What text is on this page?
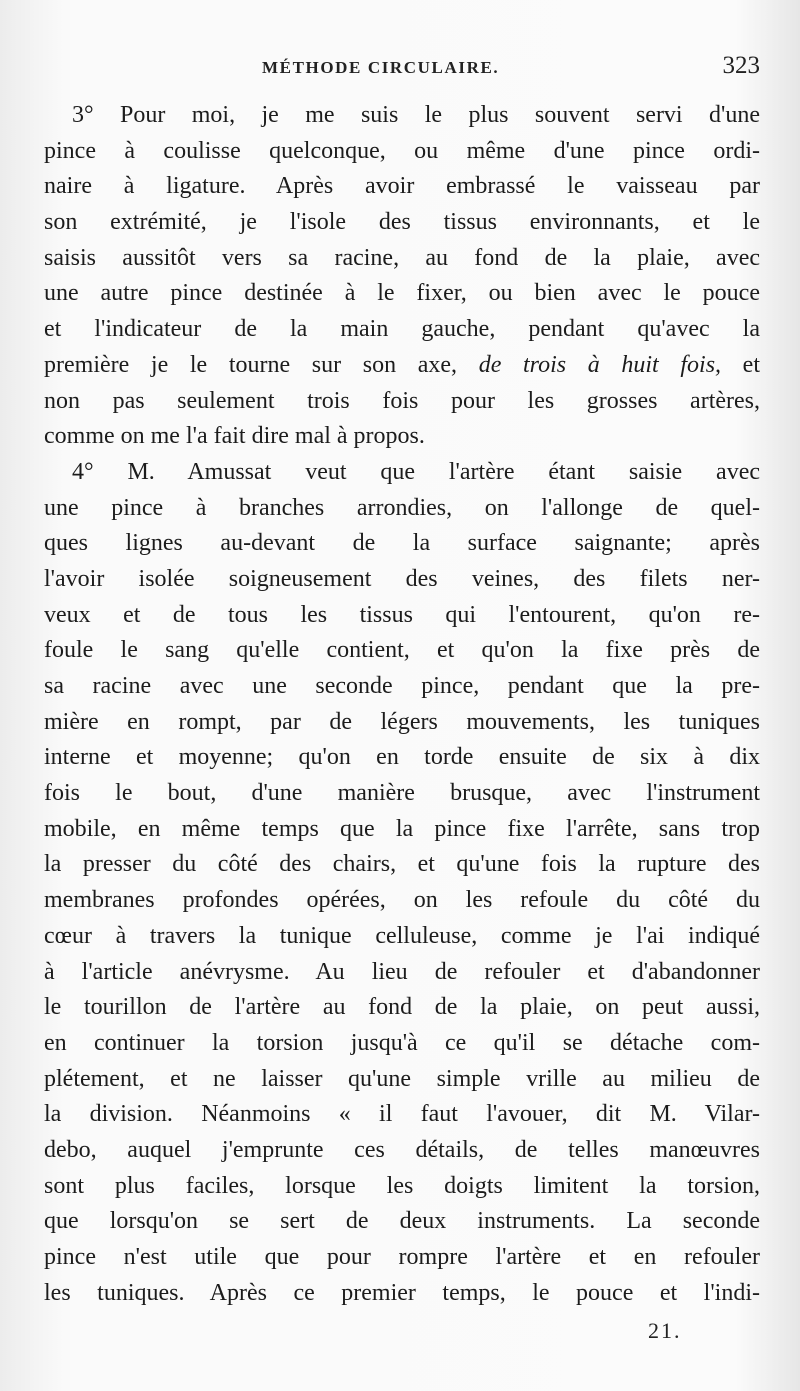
MÉTHODE CIRCULAIRE.	323
3° Pour moi, je me suis le plus souvent servi d'une
pince à coulisse quelconque, ou même d'une pince ordi-
naire à ligature. Après avoir embrassé le vaisseau par
son extrémité, je l'isole des tissus environnants, et le
saisis aussitôt vers sa racine, au fond de la plaie, avec
une autre pince destinée à le fixer, ou bien avec le pouce
et l'indicateur de la main gauche, pendant qu'avec la
première je le tourne sur son axe, de trois à huit fois, et
non pas seulement trois fois pour les grosses artères,
comme on me l'a fait dire mal à propos.
4° M. Amussat veut que l'artère étant saisie avec
une pince à branches arrondies, on l'allonge de quel-
ques lignes au-devant de la surface saignante; après
l'avoir isolée soigneusement des veines, des filets ner-
veux et de tous les tissus qui l'entourent, qu'on re-
foule le sang qu'elle contient, et qu'on la fixe près de
sa racine avec une seconde pince, pendant que la pre-
mière en rompt, par de légers mouvements, les tuniques
interne et moyenne; qu'on en torde ensuite de six à dix
fois le bout, d'une manière brusque, avec l'instrument
mobile, en même temps que la pince fixe l'arrête, sans trop
la presser du côté des chairs, et qu'une fois la rupture des
membranes profondes opérées, on les refoule du côté du
cœur à travers la tunique celluleuse, comme je l'ai indiqué
à l'article anévrysme. Au lieu de refouler et d'abandonner
le tourillon de l'artère au fond de la plaie, on peut aussi,
en continuer la torsion jusqu'à ce qu'il se détache com-
plétement, et ne laisser qu'une simple vrille au milieu de
la division. Néanmoins « il faut l'avouer, dit M. Vilar-
debo, auquel j'emprunte ces détails, de telles manœuvres
sont plus faciles, lorsque les doigts limitent la torsion,
que lorsqu'on se sert de deux instruments. La seconde
pince n'est utile que pour rompre l'artère et en refouler
les tuniques. Après ce premier temps, le pouce et l'indi-
21.
